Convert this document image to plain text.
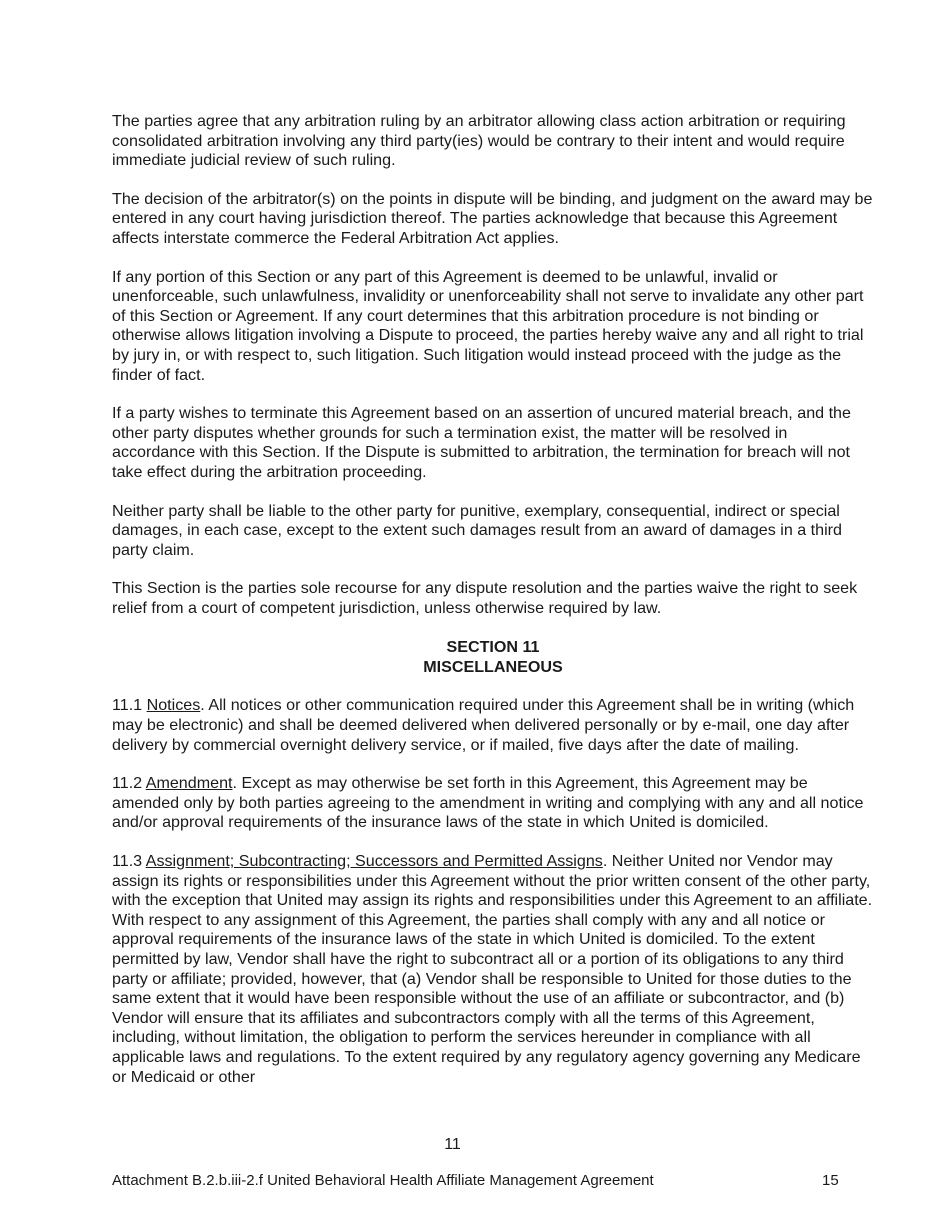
The parties agree that any arbitration ruling by an arbitrator allowing class action arbitration or requiring consolidated arbitration involving any third party(ies) would be contrary to their intent and would require immediate judicial review of such ruling.

The decision of the arbitrator(s) on the points in dispute will be binding, and judgment on the award may be entered in any court having jurisdiction thereof. The parties acknowledge that because this Agreement affects interstate commerce the Federal Arbitration Act applies.

If any portion of this Section or any part of this Agreement is deemed to be unlawful, invalid or unenforceable, such unlawfulness, invalidity or unenforceability shall not serve to invalidate any other part of this Section or Agreement. If any court determines that this arbitration procedure is not binding or otherwise allows litigation involving a Dispute to proceed, the parties hereby waive any and all right to trial by jury in, or with respect to, such litigation. Such litigation would instead proceed with the judge as the finder of fact.

If a party wishes to terminate this Agreement based on an assertion of uncured material breach, and the other party disputes whether grounds for such a termination exist, the matter will be resolved in accordance with this Section. If the Dispute is submitted to arbitration, the termination for breach will not take effect during the arbitration proceeding.

Neither party shall be liable to the other party for punitive, exemplary, consequential, indirect or special damages, in each case, except to the extent such damages result from an award of damages in a third party claim.

This Section is the parties sole recourse for any dispute resolution and the parties waive the right to seek relief from a court of competent jurisdiction, unless otherwise required by law.

SECTION 11
MISCELLANEOUS

11.1 Notices. All notices or other communication required under this Agreement shall be in writing (which may be electronic) and shall be deemed delivered when delivered personally or by e-mail, one day after delivery by commercial overnight delivery service, or if mailed, five days after the date of mailing.

11.2 Amendment. Except as may otherwise be set forth in this Agreement, this Agreement may be amended only by both parties agreeing to the amendment in writing and complying with any and all notice and/or approval requirements of the insurance laws of the state in which United is domiciled.

11.3 Assignment; Subcontracting; Successors and Permitted Assigns. Neither United nor Vendor may assign its rights or responsibilities under this Agreement without the prior written consent of the other party, with the exception that United may assign its rights and responsibilities under this Agreement to an affiliate. With respect to any assignment of this Agreement, the parties shall comply with any and all notice or approval requirements of the insurance laws of the state in which United is domiciled. To the extent permitted by law, Vendor shall have the right to subcontract all or a portion of its obligations to any third party or affiliate; provided, however, that (a) Vendor shall be responsible to United for those duties to the same extent that it would have been responsible without the use of an affiliate or subcontractor, and (b) Vendor will ensure that its affiliates and subcontractors comply with all the terms of this Agreement, including, without limitation, the obligation to perform the services hereunder in compliance with all applicable laws and regulations. To the extent required by any regulatory agency governing any Medicare or Medicaid or other

11
Attachment B.2.b.iii-2.f United Behavioral Health Affiliate Management Agreement	15
